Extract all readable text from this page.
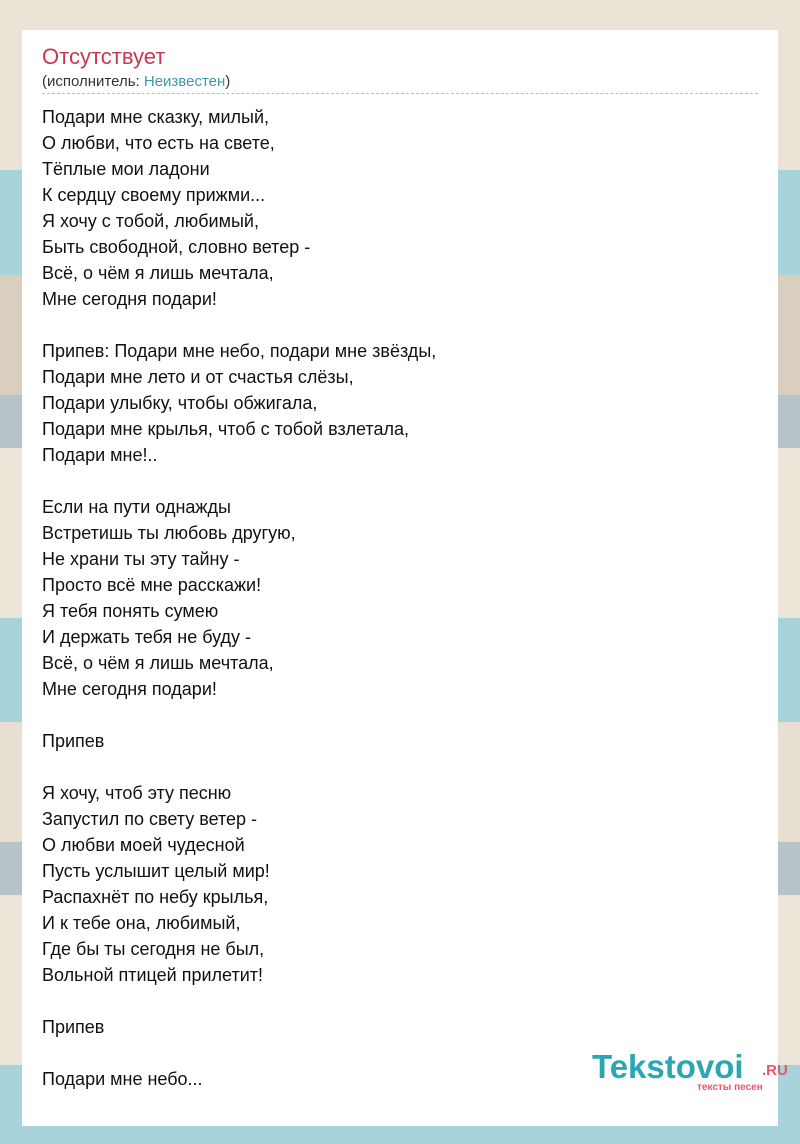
Отсутствует
(исполнитель: Неизвестен)
Подари мне сказку, милый,
О любви, что есть на свете,
Тёплые мои ладони
К сердцу своему прижми...
Я хочу с тобой, любимый,
Быть свободной, словно ветер -
Всё, о чём я лишь мечтала,
Мне сегодня подари!
Припев: Подари мне небо, подари мне звёзды,
Подари мне лето и от счастья слёзы,
Подари улыбку, чтобы обжигала,
Подари мне крылья, чтоб с тобой взлетала,
Подари мне!..
Если на пути однажды
Встретишь ты любовь другую,
Не храни ты эту тайну -
Просто всё мне расскажи!
Я тебя понять сумею
И держать тебя не буду -
Всё, о чём я лишь мечтала,
Мне сегодня подари!
Припев
Я хочу, чтоб эту песню
Запустил по свету ветер -
О любви моей чудесной
Пусть услышит целый мир!
Распахнёт по небу крылья,
И к тебе она, любимый,
Где бы ты сегодня не был,
Вольной птицей прилетит!
Припев
Подари мне небо...	Tekstovoi .RU
тексты песен
